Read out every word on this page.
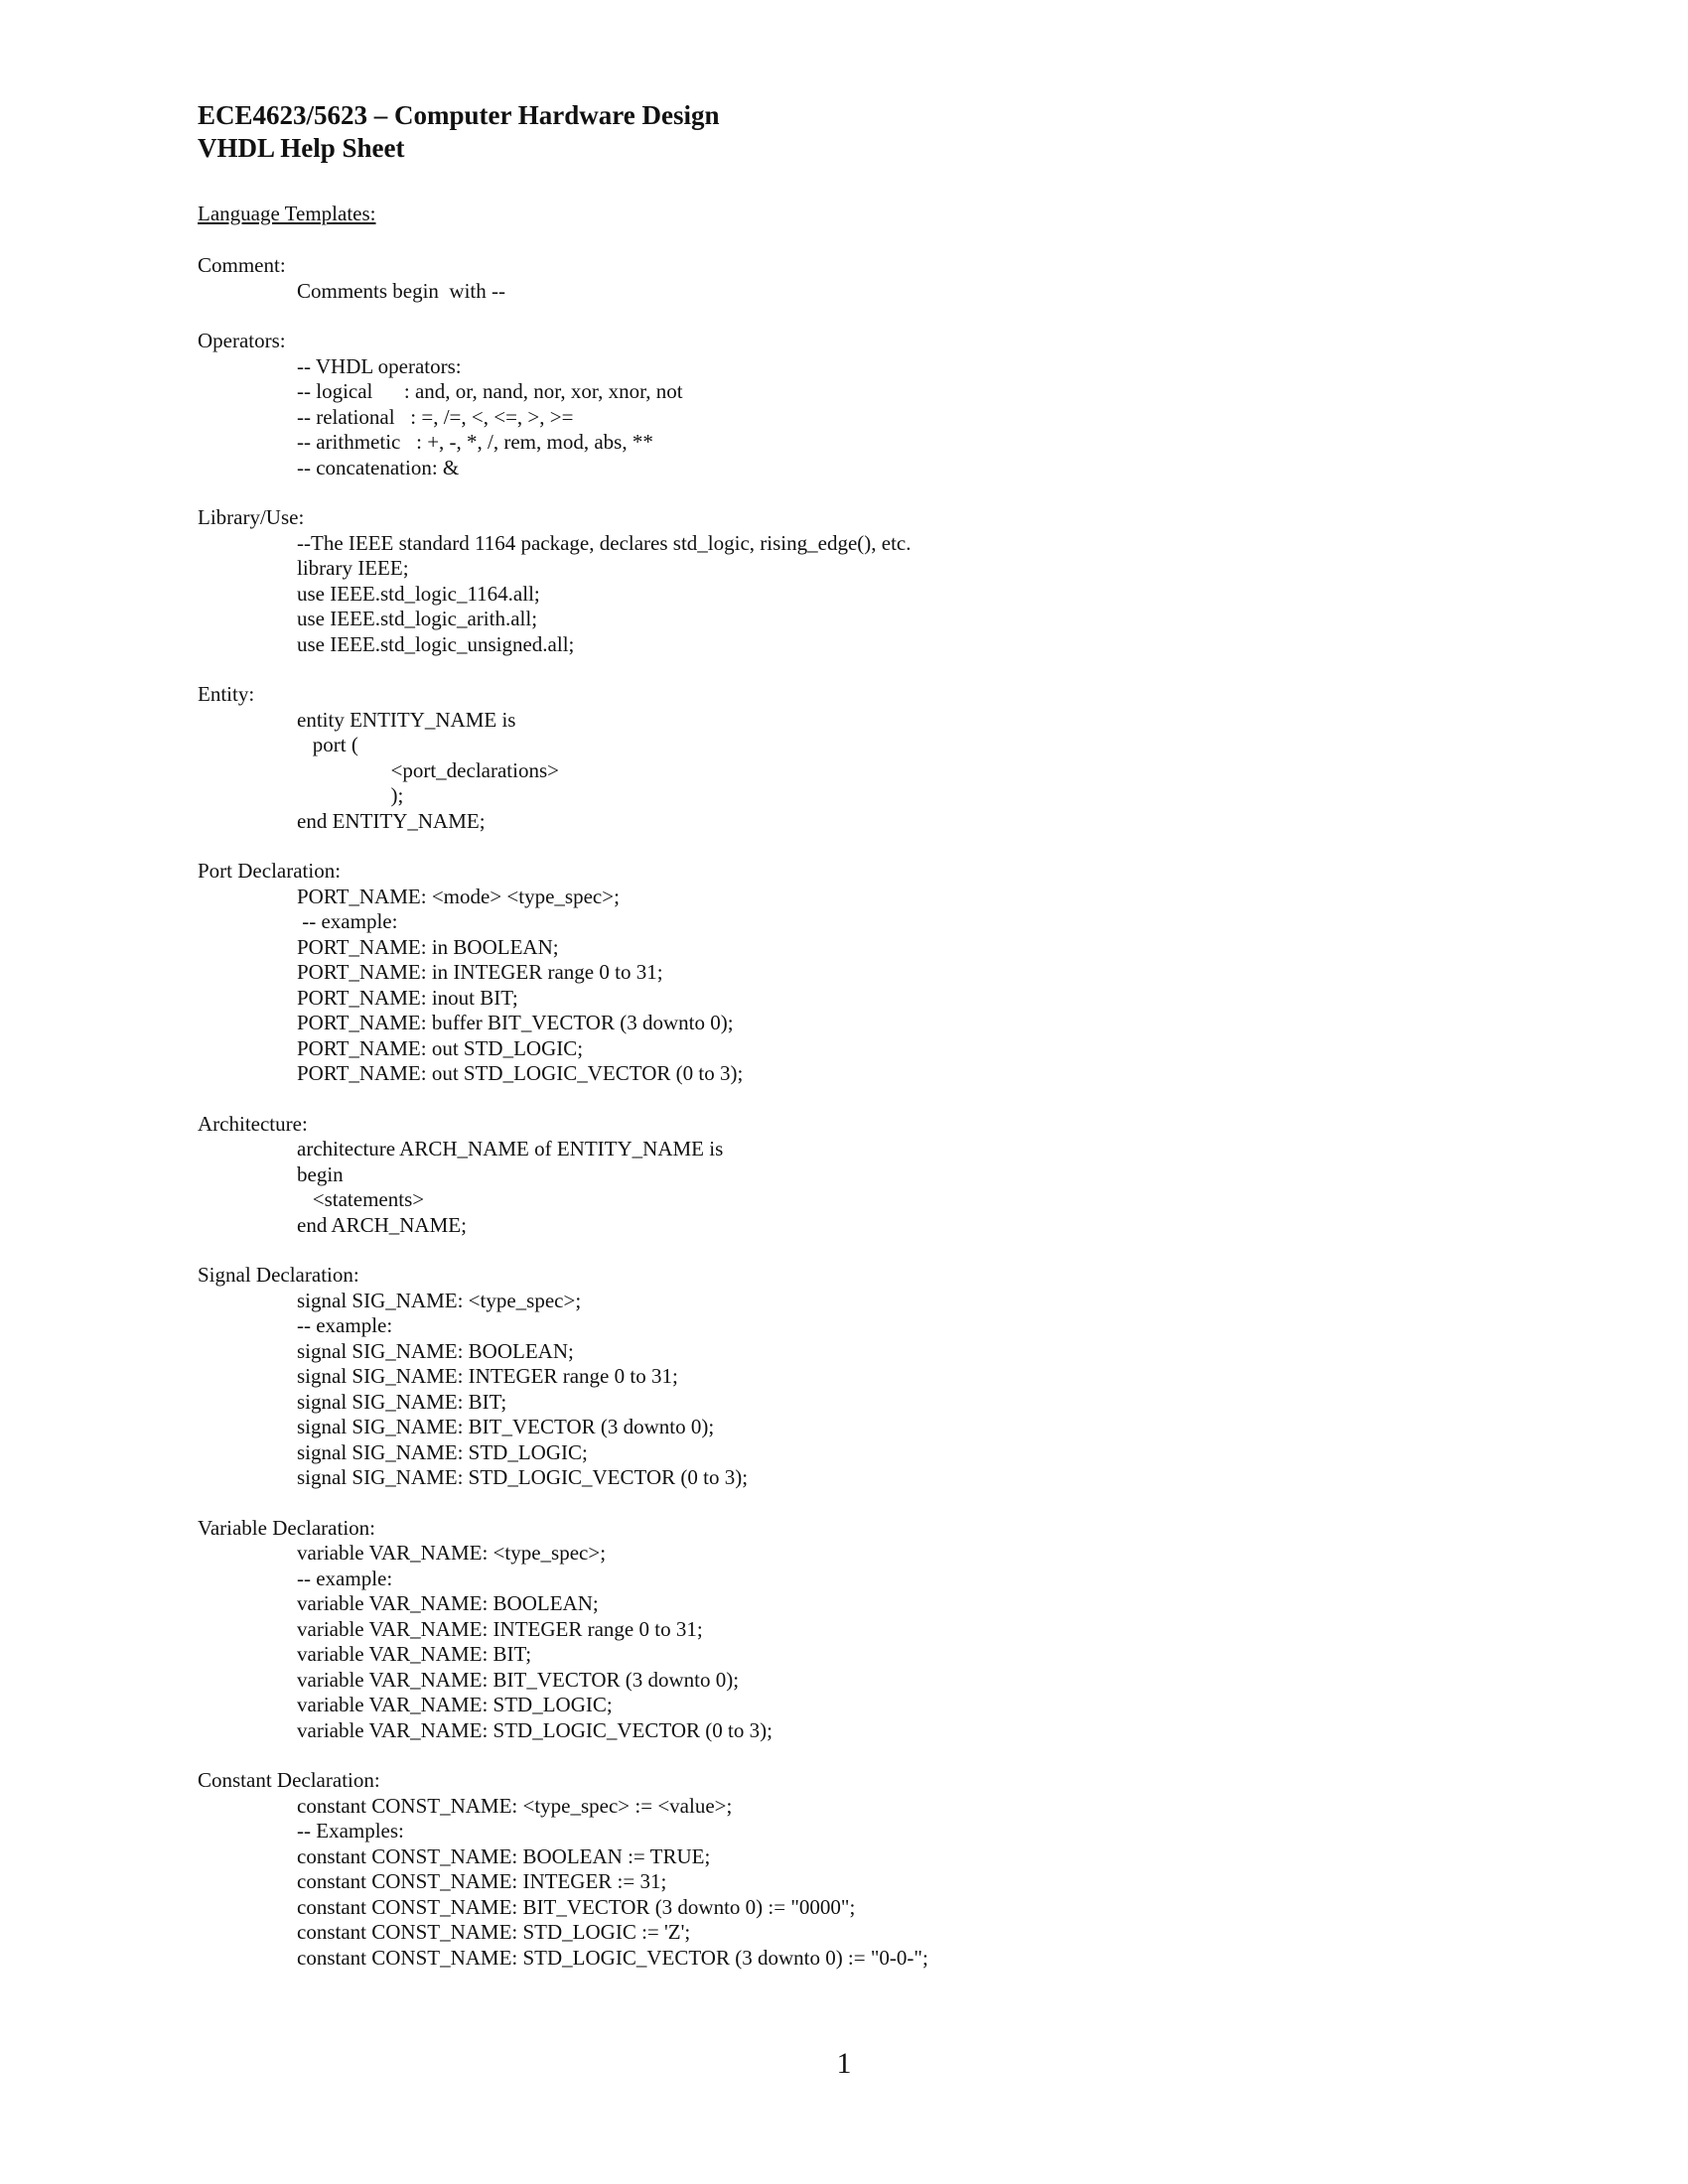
ECE4623/5623 – Computer Hardware Design
VHDL Help Sheet
Language Templates:
Comment:
Comments begin  with --
Operators:
-- VHDL operators:
-- logical      : and, or, nand, nor, xor, xnor, not
-- relational   : =, /=, <, <=, >, >=
-- arithmetic   : +, -, *, /, rem, mod, abs, **
-- concatenation: &
Library/Use:
--The IEEE standard 1164 package, declares std_logic, rising_edge(), etc.
library IEEE;
use IEEE.std_logic_1164.all;
use IEEE.std_logic_arith.all;
use IEEE.std_logic_unsigned.all;
Entity:
entity ENTITY_NAME is
port (
<port_declarations>
);
end ENTITY_NAME;
Port Declaration:
PORT_NAME: <mode> <type_spec>;
-- example:
PORT_NAME: in BOOLEAN;
PORT_NAME: in INTEGER range 0 to 31;
PORT_NAME: inout BIT;
PORT_NAME: buffer BIT_VECTOR (3 downto 0);
PORT_NAME: out STD_LOGIC;
PORT_NAME: out STD_LOGIC_VECTOR (0 to 3);
Architecture:
architecture ARCH_NAME of ENTITY_NAME is
begin
<statements>
end ARCH_NAME;
Signal Declaration:
signal SIG_NAME: <type_spec>;
-- example:
signal SIG_NAME: BOOLEAN;
signal SIG_NAME: INTEGER range 0 to 31;
signal SIG_NAME: BIT;
signal SIG_NAME: BIT_VECTOR (3 downto 0);
signal SIG_NAME: STD_LOGIC;
signal SIG_NAME: STD_LOGIC_VECTOR (0 to 3);
Variable Declaration:
variable VAR_NAME: <type_spec>;
-- example:
variable VAR_NAME: BOOLEAN;
variable VAR_NAME: INTEGER range 0 to 31;
variable VAR_NAME: BIT;
variable VAR_NAME: BIT_VECTOR (3 downto 0);
variable VAR_NAME: STD_LOGIC;
variable VAR_NAME: STD_LOGIC_VECTOR (0 to 3);
Constant Declaration:
constant CONST_NAME: <type_spec> := <value>;
-- Examples:
constant CONST_NAME: BOOLEAN := TRUE;
constant CONST_NAME: INTEGER := 31;
constant CONST_NAME: BIT_VECTOR (3 downto 0) := "0000";
constant CONST_NAME: STD_LOGIC := 'Z';
constant CONST_NAME: STD_LOGIC_VECTOR (3 downto 0) := "0-0-";
1
